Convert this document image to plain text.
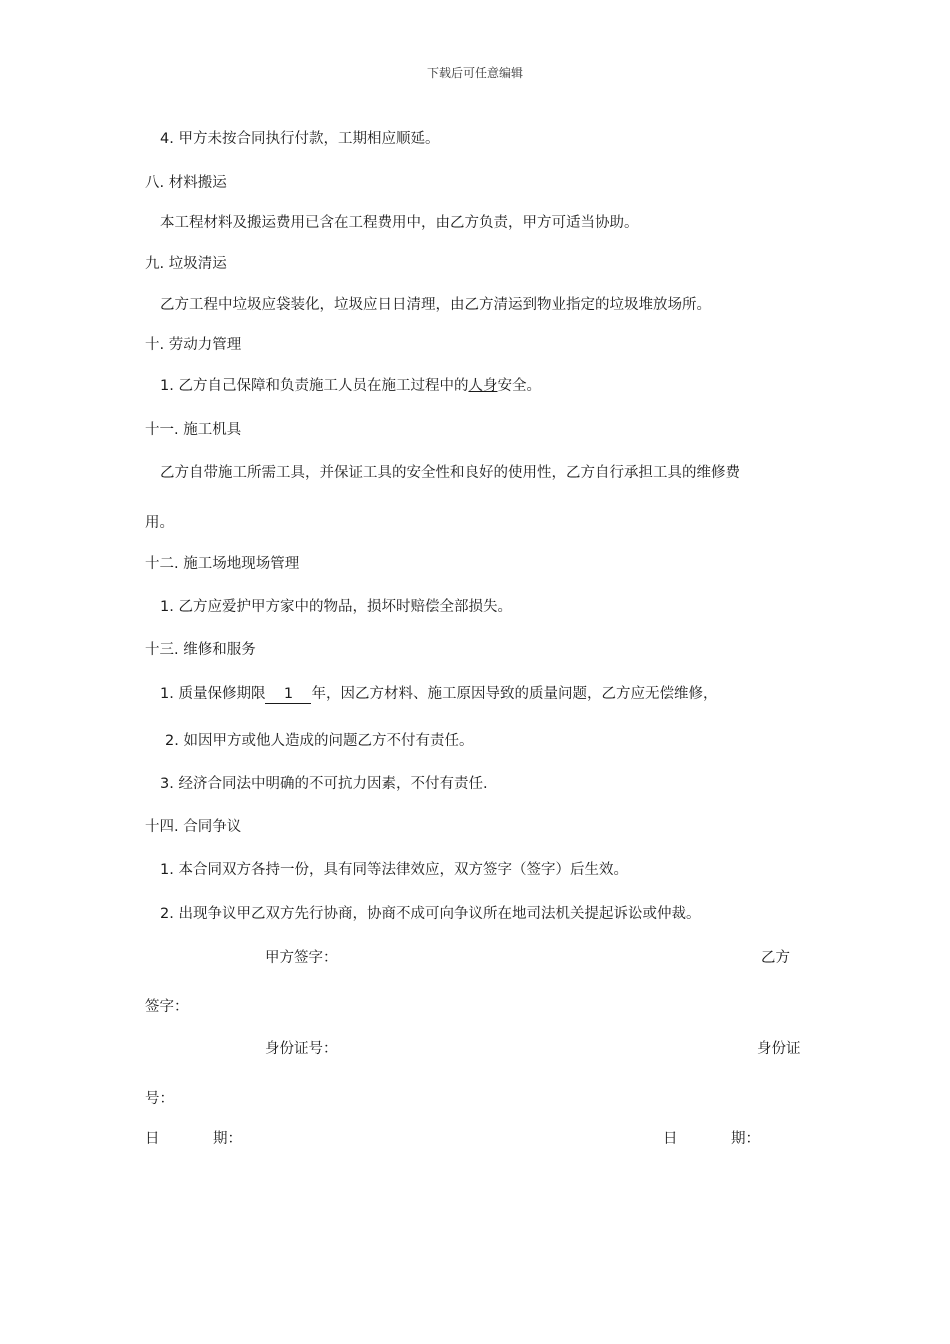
下载后可任意编辑
4. 甲方未按合同执行付款，工期相应顺延。
八. 材料搬运
本工程材料及搬运费用已含在工程费用中，由乙方负责，甲方可适当协助。
九. 垃圾清运
乙方工程中垃圾应袋装化，垃圾应日日清理，由乙方清运到物业指定的垃圾堆放场所。
十. 劳动力管理
1. 乙方自己保障和负责施工人员在施工过程中的人身安全。
十一. 施工机具
乙方自带施工所需工具，并保证工具的安全性和良好的使用性，乙方自行承担工具的维修费
用。
十二. 施工场地现场管理
1. 乙方应爱护甲方家中的物品，损坏时赔偿全部损失。
十三. 维修和服务
1. 质量保修期限 1 年，因乙方材料、施工原因导致的质量问题，乙方应无偿维修，
2. 如因甲方或他人造成的问题乙方不付有责任。
3. 经济合同法中明确的不可抗力因素，不付有责任.
十四. 合同争议
1. 本合同双方各持一份，具有同等法律效应，双方签字（签字）后生效。
2. 出现争议甲乙双方先行协商，协商不成可向争议所在地司法机关提起诉讼或仲裁。
甲方签字：	乙方
签字：
身份证号：	身份证
号：
日	期：	日	期：
